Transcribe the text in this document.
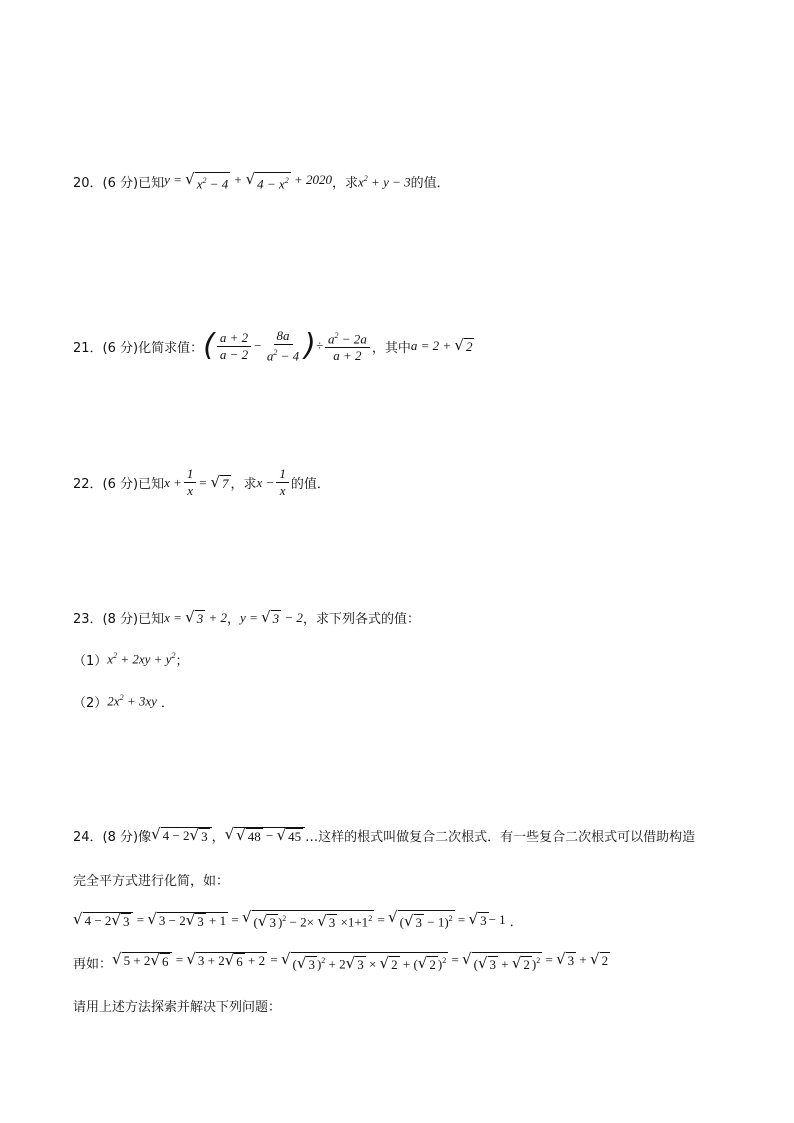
20．(6 分) 已知 y = √ $x^2 - 4$ + √ $4 - x^2 + 2020$ ，求 $x^2 + y - 3$ 的值．
21．(6 分) 化简求值： ( $\frac{a + 2}{a - 2} - \frac{8a}{a^2 - 4}$ ) ÷ $\frac{a^2 - 2a}{a + 2}$ ，其中 a = 2 + √ 2
22．(6 分) 已知 $x + \frac{1}{x}$ =
√ 7 ，求 $x - \frac{1}{x}$ 的值．
23．(8 分) 已知 x = √ 3 + 2 ， y = √ 3 − 2 ，求下列各式的值：
（1） $x^2 + 2xy + y^2$ ；
（2） $2x^2 + 3xy$ ．
24．(8 分) 像 √ 4 − 2 √ 3 ， √ √ 48 − √ 45 …这样的根式叫做复合二次根式．有一些复合二次根式可以借助构造
完全平方式进行化简，如：
√ 4 − 2 √ 3 = √ 3 − 2 √ 3 + 1 = √ ( √ 3 )$^2$ − 2× √ $3 \times 1+1^2$ = √ ( √ 3 − 1)$^2$ = √ 3 − 1 ．
再如： √ 5 + 2 √ 6 = √ 3 + 2 √ 6 + 2 = √ ( √ 3 )$^2$ + 2 √ 3 × √ 2 + ( √ 2 )$^2$ = √ ( √ 3 + √ 2 )$^2$ = √ 3 + √ 2
请用上述方法探索并解决下列问题：
